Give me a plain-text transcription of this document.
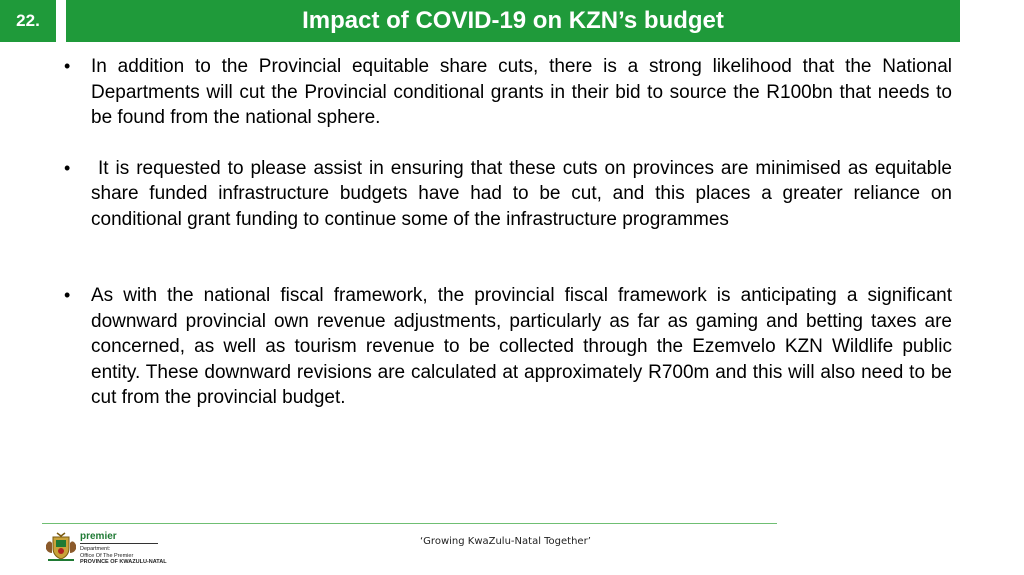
22.	Impact of COVID-19 on KZN’s budget
• In addition to the Provincial equitable share cuts, there is a strong likelihood that the National Departments will cut the Provincial conditional grants in their bid to source the R100bn that needs to be found from the national sphere.
• It is requested to please assist in ensuring that these cuts on provinces are minimised as equitable share funded infrastructure budgets have had to be cut, and this places a greater reliance on conditional grant funding to continue some of the infrastructure programmes
• As with the national fiscal framework, the provincial fiscal framework is anticipating a significant downward provincial own revenue adjustments, particularly as far as gaming and betting taxes are concerned, as well as tourism revenue to be collected through the Ezemvelo KZN Wildlife public entity. These downward revisions are calculated at approximately R700m and this will also need to be cut from the provincial budget.
premier
Department:
Office Of The Premier
PROVINCE OF KWAZULU-NATAL
‘Growing KwaZulu-Natal Together’
